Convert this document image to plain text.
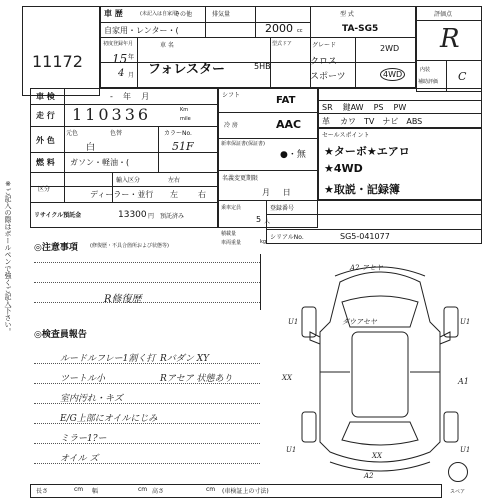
※ご記入の際はボールペンで強くご記入下さい。
11172
車 歴	(未記入は自家用)
その他
自家用・レンター・(
排気量
2000 cc
型 式
TA-SG5
初度登録年月
15 年
4 月
車 名
フォレスター	5HB
型式ドア	グレード
クロス
スポーツ
2WD
4WD
評価点
R
内装
補助評価 C
車 検	-    年    月
走 行 110336	Km
mile
元色	色替	カラーNo.
外 色
白	51F
燃 料 ガソン・軽油・(
輸入区分	左右
区分
ディーラー・並行 左	右
リサイクル預託金	13300 円 預託済み
シフト	FAT
冷 房	AAC
新車保証書(保証書)
●・無
名義変更期限
月     日
乗車定員
5 人
積載量
車両重量	kg
SR 鍵AW PS PW
革 カワ TV ナビ ABS
セールスポイント
★ターボ★エアロ
★4WD
★取説・記録簿
登録番号
シリアルNo.	SG5-041077
◎注意事項 (修復歴・不具合箇所および状態等)
R修復歴
◎検査員報告
ルードルフレー1割く打
ツートル小
室内汚れ・キズ
E/G上部にオイルにじみ
ミラー1?ー
オイル ズ
Rバダン XY
Rアセア 状態あり
A2 アセヤ
ダウアセヤ
U1	U1
A1
XX
A2
XX
U1	U1
長さ	cm 幅	cm 高さ	cm (車検証上の寸法)	スペア
